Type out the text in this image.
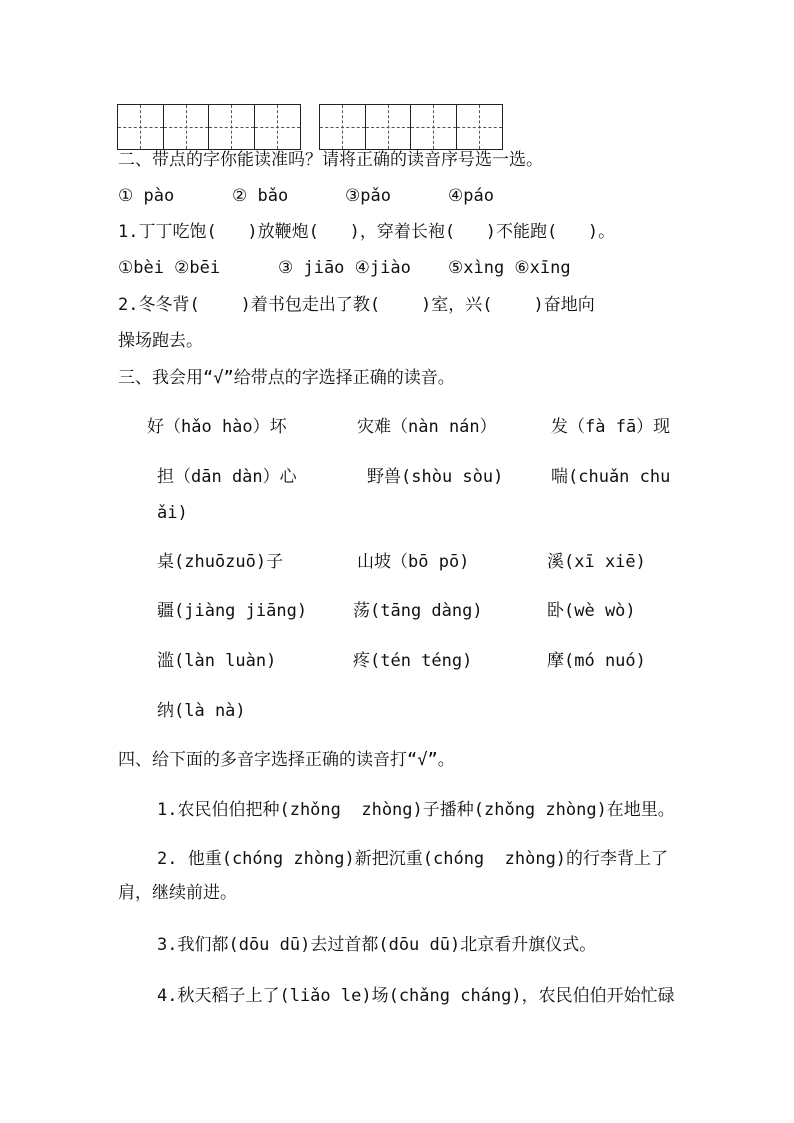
二、带点的字你能读准吗？请将正确的读音序号选一选。
① pào	② bǎo	③pǎo	④páo
1.丁丁吃饱(   )放鞭炮(   )，穿着长袍(   )不能跑(   )。
①bèi ②bēi	③ jiāo ④jiào ⑤xìng ⑥xīng
2.冬冬背(    )着书包走出了教(    )室，兴(    )奋地向
操场跑去。
三、我会用“√”给带点的字选择正确的读音。
好（hǎo hào）坏	灾难（nàn nán）	发（fà fā）现
担（dān dàn）心	野兽(shòu sòu)	喘(chuǎn chu
ǎi)
桌(zhuōzuō)子	山坡（bō pō)	溪(xī xiē)
疆(jiàng jiāng)	荡(tāng dàng)	卧(wè wò)
滥(làn luàn)	疼(tén téng)	摩(mó nuó)
纳(là nà)
四、给下面的多音字选择正确的读音打“√”。
1.农民伯伯把种(zhǒng  zhòng)子播种(zhǒng zhòng)在地里。
2. 他重(chóng zhòng)新把沉重(chóng  zhòng)的行李背上了
肩，继续前进。
3.我们都(dōu dū)去过首都(dōu dū)北京看升旗仪式。
4.秋天稻子上了(liǎo le)场(chǎng cháng)，农民伯伯开始忙碌
